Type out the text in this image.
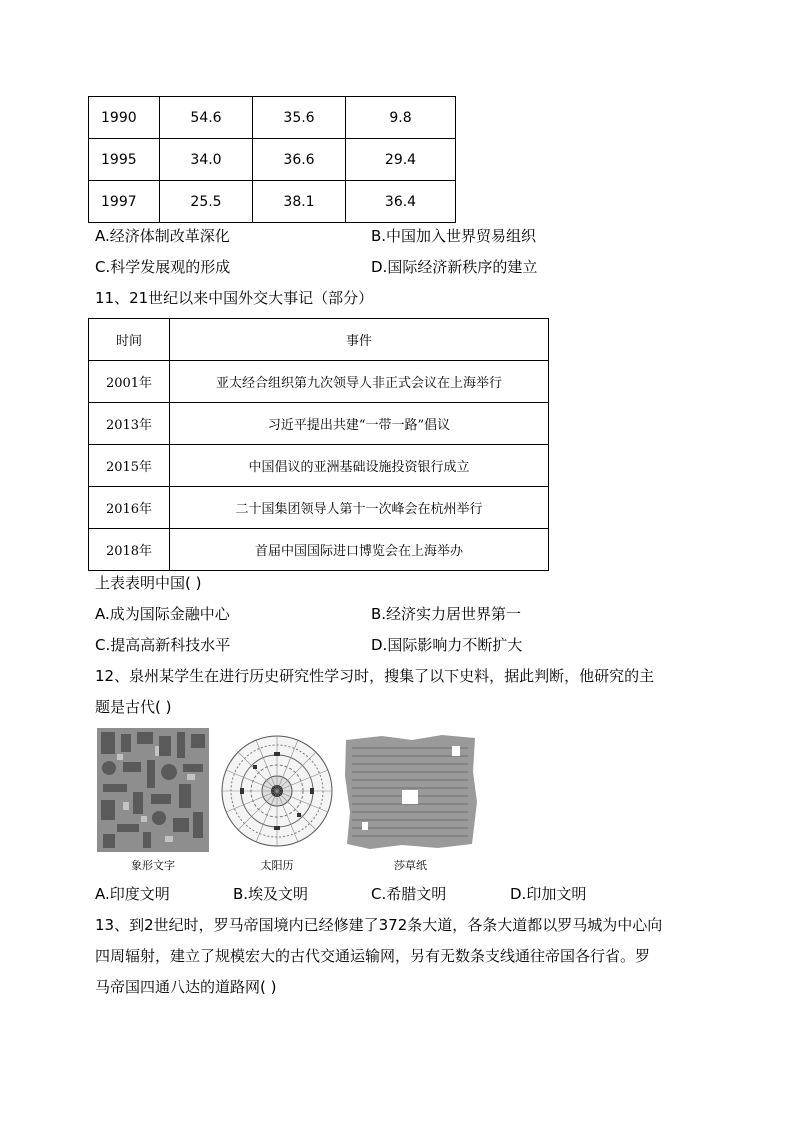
1990	54.6	35.6	9.8
1995	34.0	36.6	29.4
1997	25.5	38.1	36.4
A.经济体制改革深化	B.中国加入世界贸易组织
C.科学发展观的形成	D.国际经济新秩序的建立
11、21世纪以来中国外交大事记（部分）
时间	事件
2001年	亚太经合组织第九次领导人非正式会议在上海举行
2013年	习近平提出共建“一带一路”倡议
2015年	中国倡议的亚洲基础设施投资银行成立
2016年	二十国集团领导人第十一次峰会在杭州举行
2018年	首届中国国际进口博览会在上海举办
上表表明中国( )
A.成为国际金融中心	B.经济实力居世界第一
C.提高高新科技水平	D.国际影响力不断扩大
12、泉州某学生在进行历史研究性学习时，搜集了以下史料，据此判断，他研究的主
题是古代( )
象形文字	太阳历	莎草纸
A.印度文明	B.埃及文明	C.希腊文明	D.印加文明
13、到2世纪时，罗马帝国境内已经修建了372条大道，各条大道都以罗马城为中心向
四周辐射，建立了规模宏大的古代交通运输网，另有无数条支线通往帝国各行省。罗
马帝国四通八达的道路网( )
